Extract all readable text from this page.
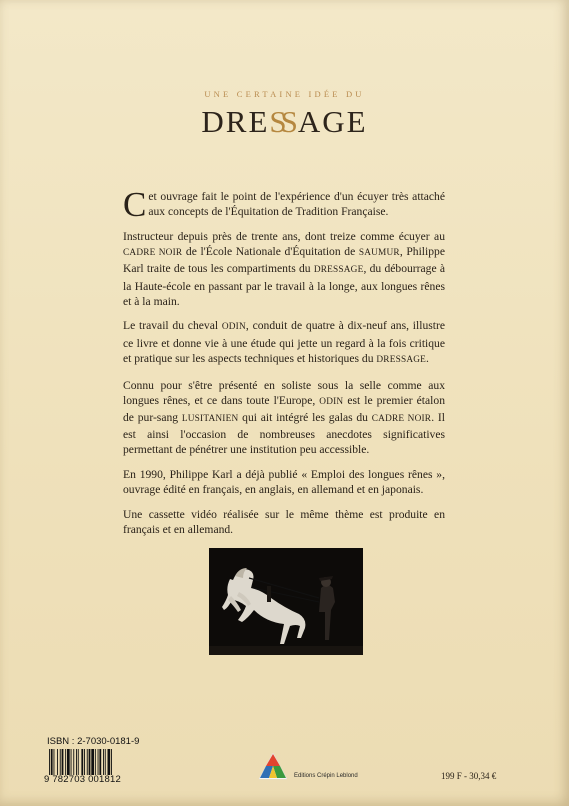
UNE CERTAINE IDÉE DU
DRESS AGE

Cet ouvrage fait le point de l'expérience d'un écuyer très attaché aux concepts de l'Équitation de Tradition Française.

Instructeur depuis près de trente ans, dont treize comme écuyer au CADRE NOIR de l'École Nationale d'Équitation de SAUMUR, Philippe Karl traite de tous les compartiments du DRESSAGE, du débourrage à la Haute-école en passant par le travail à la longe, aux longues rênes et à la main.

Le travail du cheval ODIN, conduit de quatre à dix-neuf ans, illustre ce livre et donne vie à une étude qui jette un regard à la fois critique et pratique sur les aspects techniques et historiques du DRESSAGE.

Connu pour s'être présenté en soliste sous la selle comme aux longues rênes, et ce dans toute l'Europe, ODIN est le premier étalon de pur-sang LUSITANIEN qui ait intégré les galas du CADRE NOIR. Il est ainsi l'occasion de nombreuses anecdotes significatives permettant de pénétrer une institution peu accessible.

En 1990, Philippe Karl a déjà publié « Emploi des longues rênes », ouvrage édité en français, en anglais, en allemand et en japonais.

Une cassette vidéo réalisée sur le même thème est produite en français et en allemand.

ISBN : 2-7030-0181-9
9 782703 001812	Editions Crépin Leblond	199 F - 30,34 €
